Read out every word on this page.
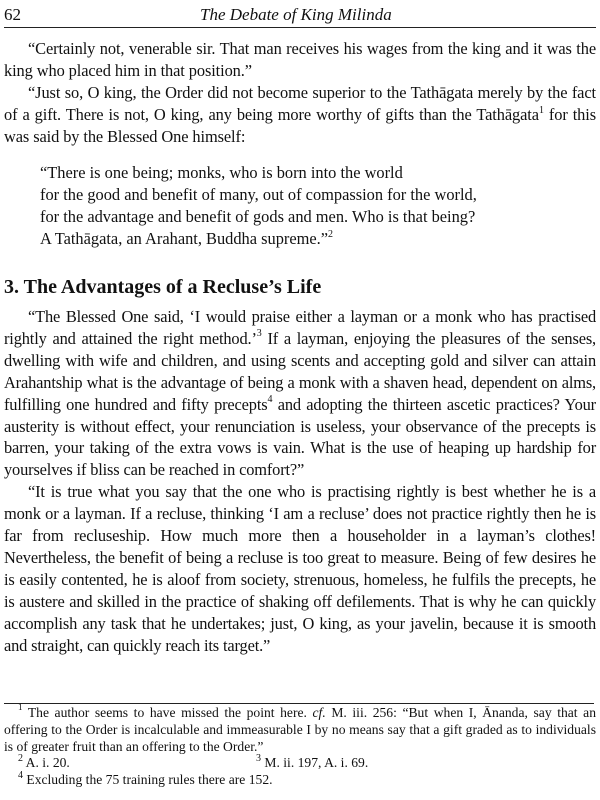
62	The Debate of King Milinda

“Certainly not, venerable sir. That man receives his wages from the king and it was the king who placed him in that position.”

“Just so, O king, the Order did not become superior to the Tathāgata merely by the fact of a gift. There is not, O king, any being more worthy of gifts than the Tathāgata$^1$ for this was said by the Blessed One himself:

“There is one being; monks, who is born into the world
for the good and benefit of many, out of compassion for the world,
for the advantage and benefit of gods and men. Who is that being?
A Tathāgata, an Arahant, Buddha supreme.”$^2$
3. The Advantages of a Recluse’s Life

“The Blessed One said, ‘I would praise either a layman or a monk who has practised rightly and attained the right method.’$^3$ If a layman, enjoying the pleasures of the senses, dwelling with wife and children, and using scents and accepting gold and silver can attain Arahantship what is the advantage of being a monk with a shaven head, dependent on alms, fulfilling one hundred and fifty precepts$^4$ and adopting the thirteen ascetic practices? Your austerity is without effect, your renunciation is useless, your observance of the precepts is barren, your taking of the extra vows is vain. What is the use of heaping up hardship for yourselves if bliss can be reached in comfort?”

“It is true what you say that the one who is practising rightly is best whether he is a monk or a layman. If a recluse, thinking ‘I am a recluse’ does not practice rightly then he is far from recluseship. How much more then a householder in a layman’s clothes! Nevertheless, the benefit of being a recluse is too great to measure. Being of few desires he is easily contented, he is aloof from society, strenuous, homeless, he fulfils the precepts, he is austere and skilled in the practice of shaking off defilements. That is why he can quickly accomplish any task that he undertakes; just, O king, as your javelin, because it is smooth and straight, can quickly reach its target.”

$^1$ The author seems to have missed the point here. cf. M. iii. 256: “But when I, Ānanda, say that an offering to the Order is incalculable and immeasurable I by no means say that a gift graded as to individuals is of greater fruit than an offering to the Order.”
$^2$ A. i. 20.	$^3$ M. ii. 197, A. i. 69.
$^4$ Excluding the 75 training rules there are 152.
